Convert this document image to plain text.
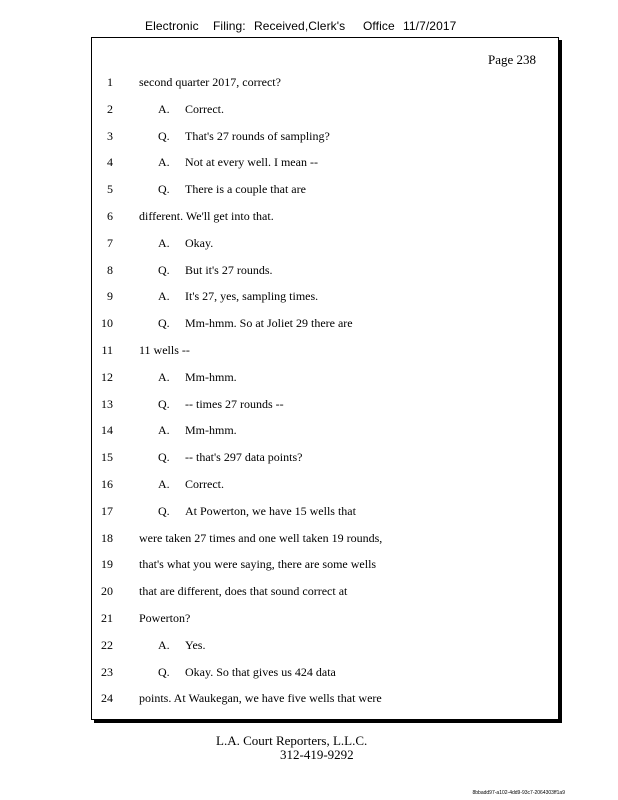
Electronic Filing: Received,Clerk's Office 11/7/2017
Page 238
1 second quarter 2017, correct?
2	A. Correct.
3	Q. That's 27 rounds of sampling?
4	A. Not at every well. I mean --
5	Q. There is a couple that are
6 different. We'll get into that.
7	A. Okay.
8	Q. But it's 27 rounds.
9	A. It's 27, yes, sampling times.
10	Q. Mm-hmm. So at Joliet 29 there are
11 11 wells --
12	A. Mm-hmm.
13	Q. -- times 27 rounds --
14	A. Mm-hmm.
15	Q. -- that's 297 data points?
16	A. Correct.
17	Q. At Powerton, we have 15 wells that
18 were taken 27 times and one well taken 19 rounds,
19 that's what you were saying, there are some wells
20 that are different, does that sound correct at
21 Powerton?
22	A. Yes.
23	Q. Okay. So that gives us 424 data
24 points. At Waukegan, we have five wells that were
L.A. Court Reporters, L.L.C.
312-419-9292
8bbadd97-a102-4dd9-93c7-2064303ff1a9
